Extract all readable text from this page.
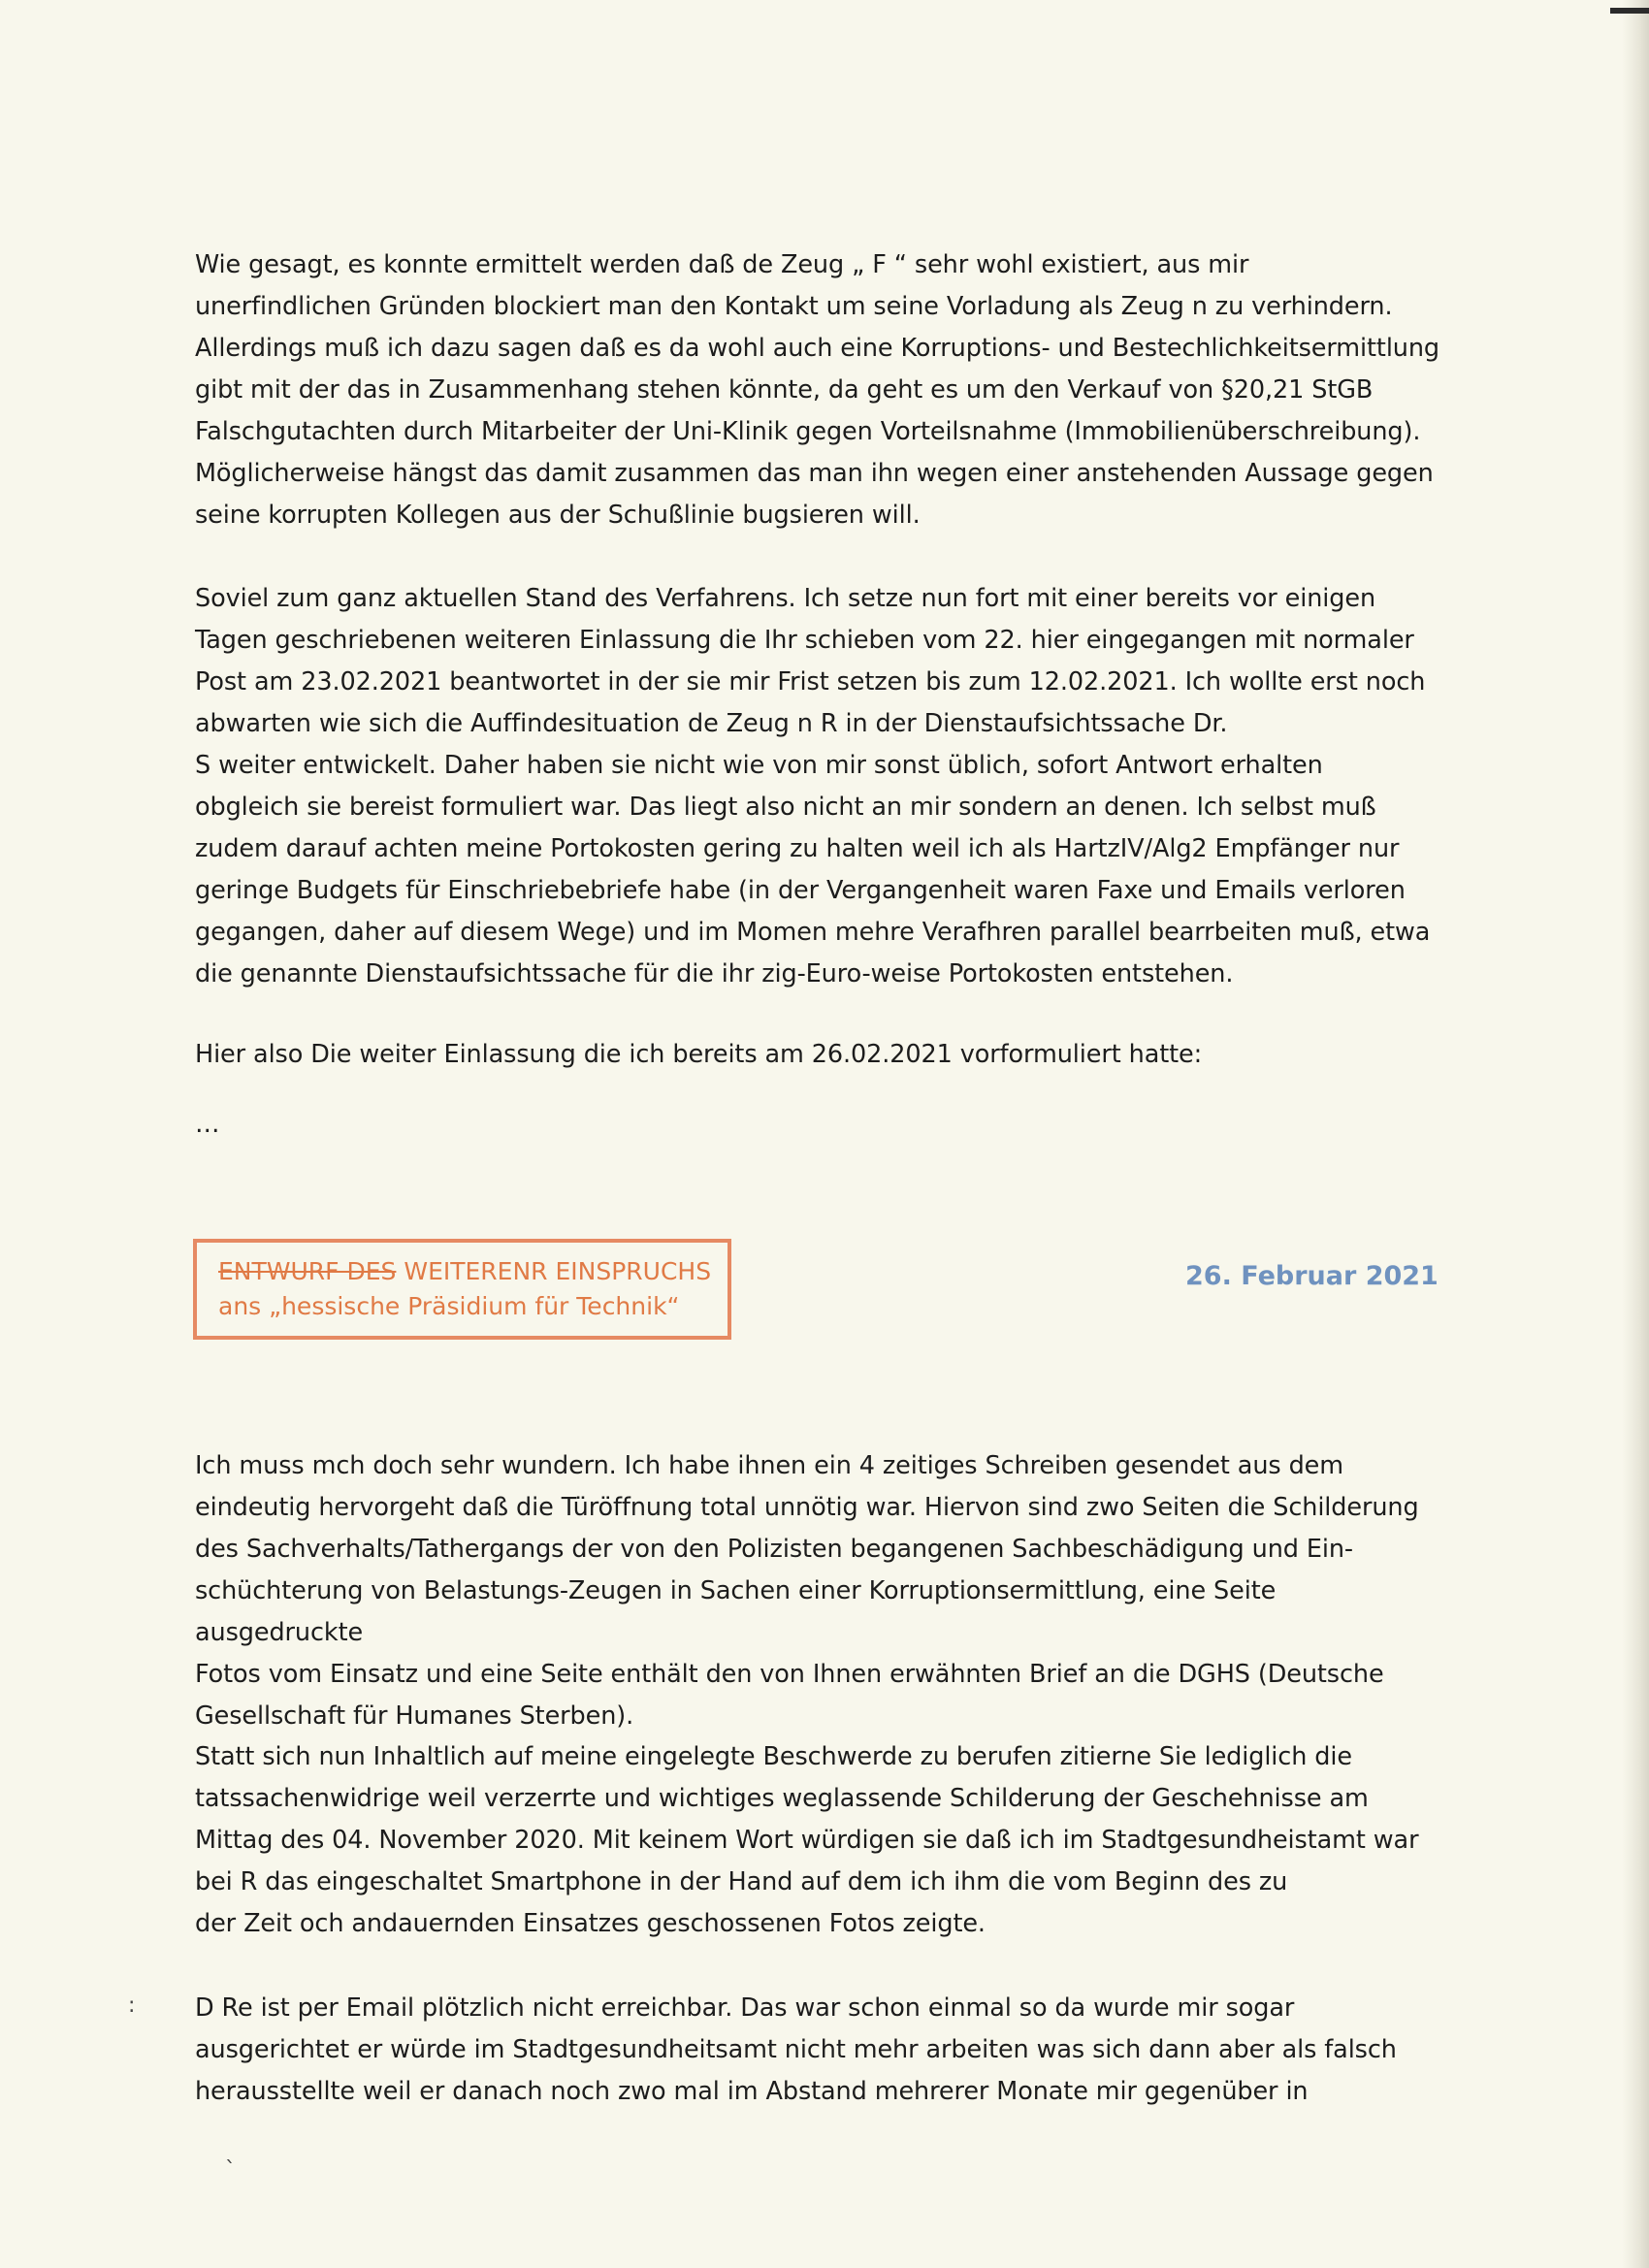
Wie gesagt, es konnte ermittelt werden daß de Zeug „ F “ sehr wohl existiert, aus mir
unerfindlichen Gründen blockiert man den Kontakt um seine Vorladung als Zeug n zu verhindern.
Allerdings muß ich dazu sagen daß es da wohl auch eine Korruptions- und Bestechlichkeitsermittlung
gibt mit der das in Zusammenhang stehen könnte, da geht es um den Verkauf von §20,21 StGB
Falschgutachten durch Mitarbeiter der Uni-Klinik gegen Vorteilsnahme (Immobilienüberschreibung).
Möglicherweise hängst das damit zusammen das man ihn wegen einer anstehenden Aussage gegen
seine korrupten Kollegen aus der Schußlinie bugsieren will.

Soviel zum ganz aktuellen Stand des Verfahrens. Ich setze nun fort mit einer bereits vor einigen
Tagen geschriebenen weiteren Einlassung die Ihr schieben vom 22. hier eingegangen mit normaler
Post am 23.02.2021 beantwortet in der sie mir Frist setzen bis zum 12.02.2021. Ich wollte erst noch
abwarten wie sich die Auffindesituation de Zeug n R in der Dienstaufsichtssache Dr.
S weiter entwickelt. Daher haben sie nicht wie von mir sonst üblich, sofort Antwort erhalten
obgleich sie bereist formuliert war. Das liegt also nicht an mir sondern an denen. Ich selbst muß
zudem darauf achten meine Portokosten gering zu halten weil ich als HartzIV/Alg2 Empfänger nur
geringe Budgets für Einschriebebriefe habe (in der Vergangenheit waren Faxe und Emails verloren
gegangen, daher auf diesem Wege) und im Momen mehre Verafhren parallel bearrbeiten muß, etwa
die genannte Dienstaufsichtssache für die ihr zig-Euro-weise Portokosten entstehen.

Hier also Die weiter Einlassung die ich bereits am 26.02.2021 vorformuliert hatte:

…

ENTWURF DES WEITERENR EINSPRUCHS
ans „hessische Präsidium für Technik“
26. Februar 2021

Ich muss mch doch sehr wundern. Ich habe ihnen ein 4 zeitiges Schreiben gesendet aus dem
eindeutig hervorgeht daß die Türöffnung total unnötig war. Hiervon sind zwo Seiten die Schilderung
des Sachverhalts/Tathergangs der von den Polizisten begangenen Sachbeschädigung und Ein-
schüchterung von Belastungs-Zeugen in Sachen einer Korruptionsermittlung, eine Seite ausgedruckte
Fotos vom Einsatz und eine Seite enthält den von Ihnen erwähnten Brief an die DGHS (Deutsche
Gesellschaft für Humanes Sterben).

Statt sich nun Inhaltlich auf meine eingelegte Beschwerde zu berufen zitierne Sie lediglich die
tatssachenwidrige weil verzerrte und wichtiges weglassende Schilderung der Geschehnisse am
Mittag des 04. November 2020. Mit keinem Wort würdigen sie daß ich im Stadtgesundheistamt war
bei R das eingeschaltet Smartphone in der Hand auf dem ich ihm die vom Beginn des zu
der Zeit och andauernden Einsatzes geschossenen Fotos zeigte.

D Re ist per Email plötzlich nicht erreichbar. Das war schon einmal so da wurde mir sogar
ausgerichtet er würde im Stadtgesundheitsamt nicht mehr arbeiten was sich dann aber als falsch
herausstellte weil er danach noch zwo mal im Abstand mehrerer Monate mir gegenüber in

:
`
